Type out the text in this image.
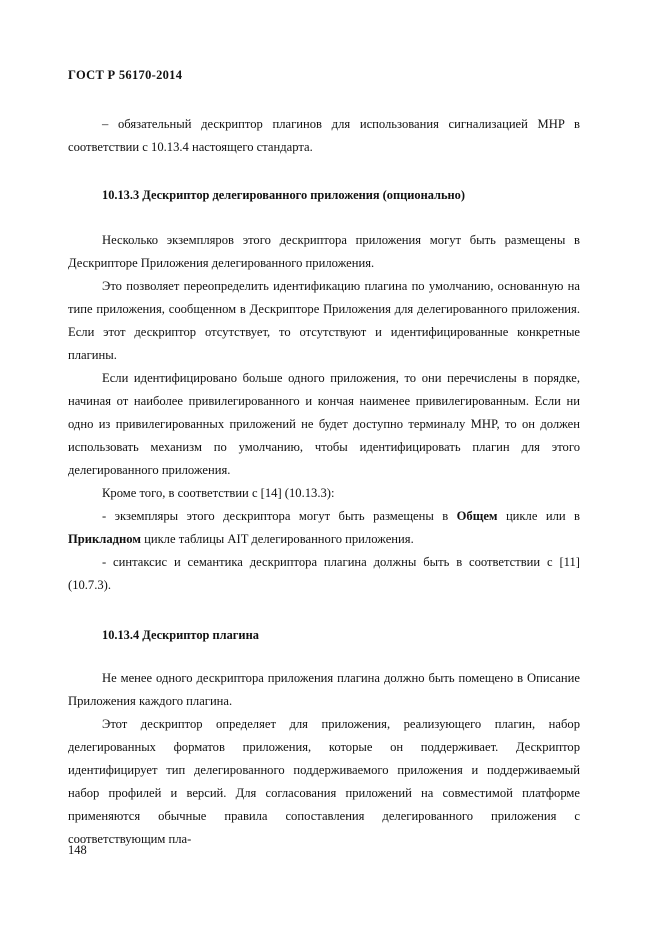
ГОСТ Р 56170-2014

– обязательный дескриптор плагинов для использования сигнализацией MHP в соответствии с 10.13.4 настоящего стандарта.

10.13.3 Дескриптор делегированного приложения (опционально)

Несколько экземпляров этого дескриптора приложения могут быть размещены в Дескрипторе Приложения делегированного приложения.

Это позволяет переопределить идентификацию плагина по умолчанию, основанную на типе приложения, сообщенном в Дескрипторе Приложения для делегированного приложения. Если этот дескриптор отсутствует, то отсутствуют и идентифицированные конкретные плагины.

Если идентифицировано больше одного приложения, то они перечислены в порядке, начиная от наиболее привилегированного и кончая наименее привилегированным. Если ни одно из привилегированных приложений не будет доступно терминалу MHP, то он должен использовать механизм по умолчанию, чтобы идентифицировать плагин для этого делегированного приложения.

Кроме того, в соответствии с [14] (10.13.3):

- экземпляры этого дескриптора могут быть размещены в Общем цикле или в Прикладном цикле таблицы AIT делегированного приложения.

- синтаксис и семантика дескриптора плагина должны быть в соответствии с [11] (10.7.3).

10.13.4 Дескриптор плагина

Не менее одного дескриптора приложения плагина должно быть помещено в Описание Приложения каждого плагина.

Этот дескриптор определяет для приложения, реализующего плагин, набор делегированных форматов приложения, которые он поддерживает. Дескриптор идентифицирует тип делегированного поддерживаемого приложения и поддерживаемый набор профилей и версий. Для согласования приложений на совместимой платформе применяются обычные правила сопоставления делегированного приложения с соответствующим пла-

148
